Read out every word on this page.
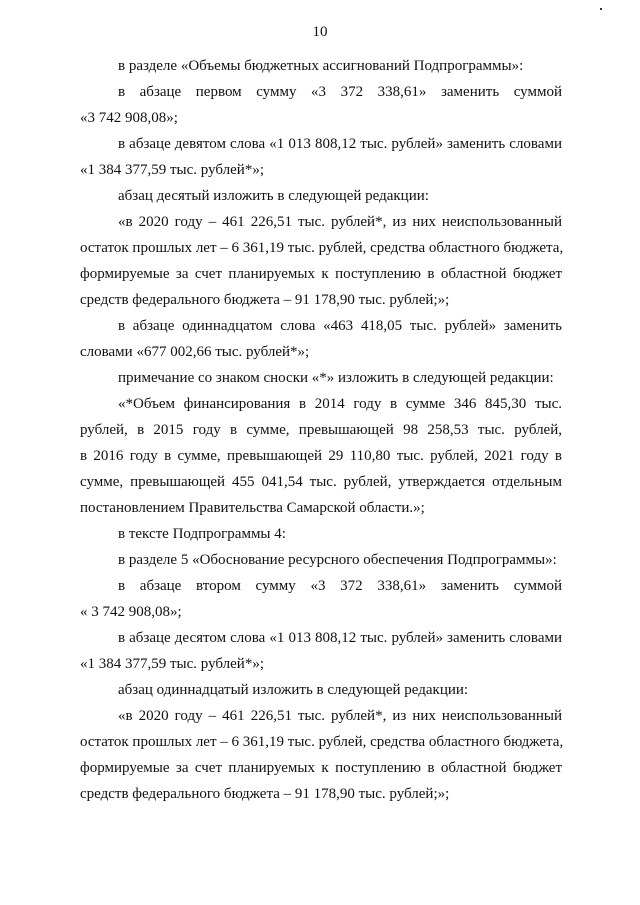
10

в разделе «Объемы бюджетных ассигнований Подпрограммы»:

в абзаце первом сумму «3 372 338,61» заменить суммой

«3 742 908,08»;

в абзаце девятом слова «1 013 808,12 тыс. рублей» заменить словами

«1 384 377,59 тыс. рублей*»;

абзац десятый изложить в следующей редакции:

«в 2020 году – 461 226,51 тыс. рублей*, из них неиспользованный

остаток прошлых лет – 6 361,19 тыс. рублей, средства областного бюджета,

формируемые за счет планируемых к поступлению в областной бюджет

средств федерального бюджета – 91 178,90 тыс. рублей;»;

в абзаце одиннадцатом слова «463 418,05 тыс. рублей» заменить

словами «677 002,66 тыс. рублей*»;

примечание со знаком сноски «*» изложить в следующей редакции:

«*Объем финансирования в 2014 году в сумме 346 845,30 тыс.

рублей, в 2015 году в сумме, превышающей 98 258,53 тыс. рублей,

в 2016 году в сумме, превышающей 29 110,80 тыс. рублей, 2021 году в

сумме, превышающей 455 041,54 тыс. рублей, утверждается отдельным

постановлением Правительства Самарской области.»;

в тексте Подпрограммы 4:

в разделе 5 «Обоснование ресурсного обеспечения Подпрограммы»:

в абзаце втором сумму «3 372 338,61» заменить суммой

« 3 742 908,08»;

в абзаце десятом слова «1 013 808,12 тыс. рублей» заменить словами

«1 384 377,59 тыс. рублей*»;

абзац одиннадцатый изложить в следующей редакции:

«в 2020 году – 461 226,51 тыс. рублей*, из них неиспользованный

остаток прошлых лет – 6 361,19 тыс. рублей, средства областного бюджета,

формируемые за счет планируемых к поступлению в областной бюджет

средств федерального бюджета – 91 178,90 тыс. рублей;»;
